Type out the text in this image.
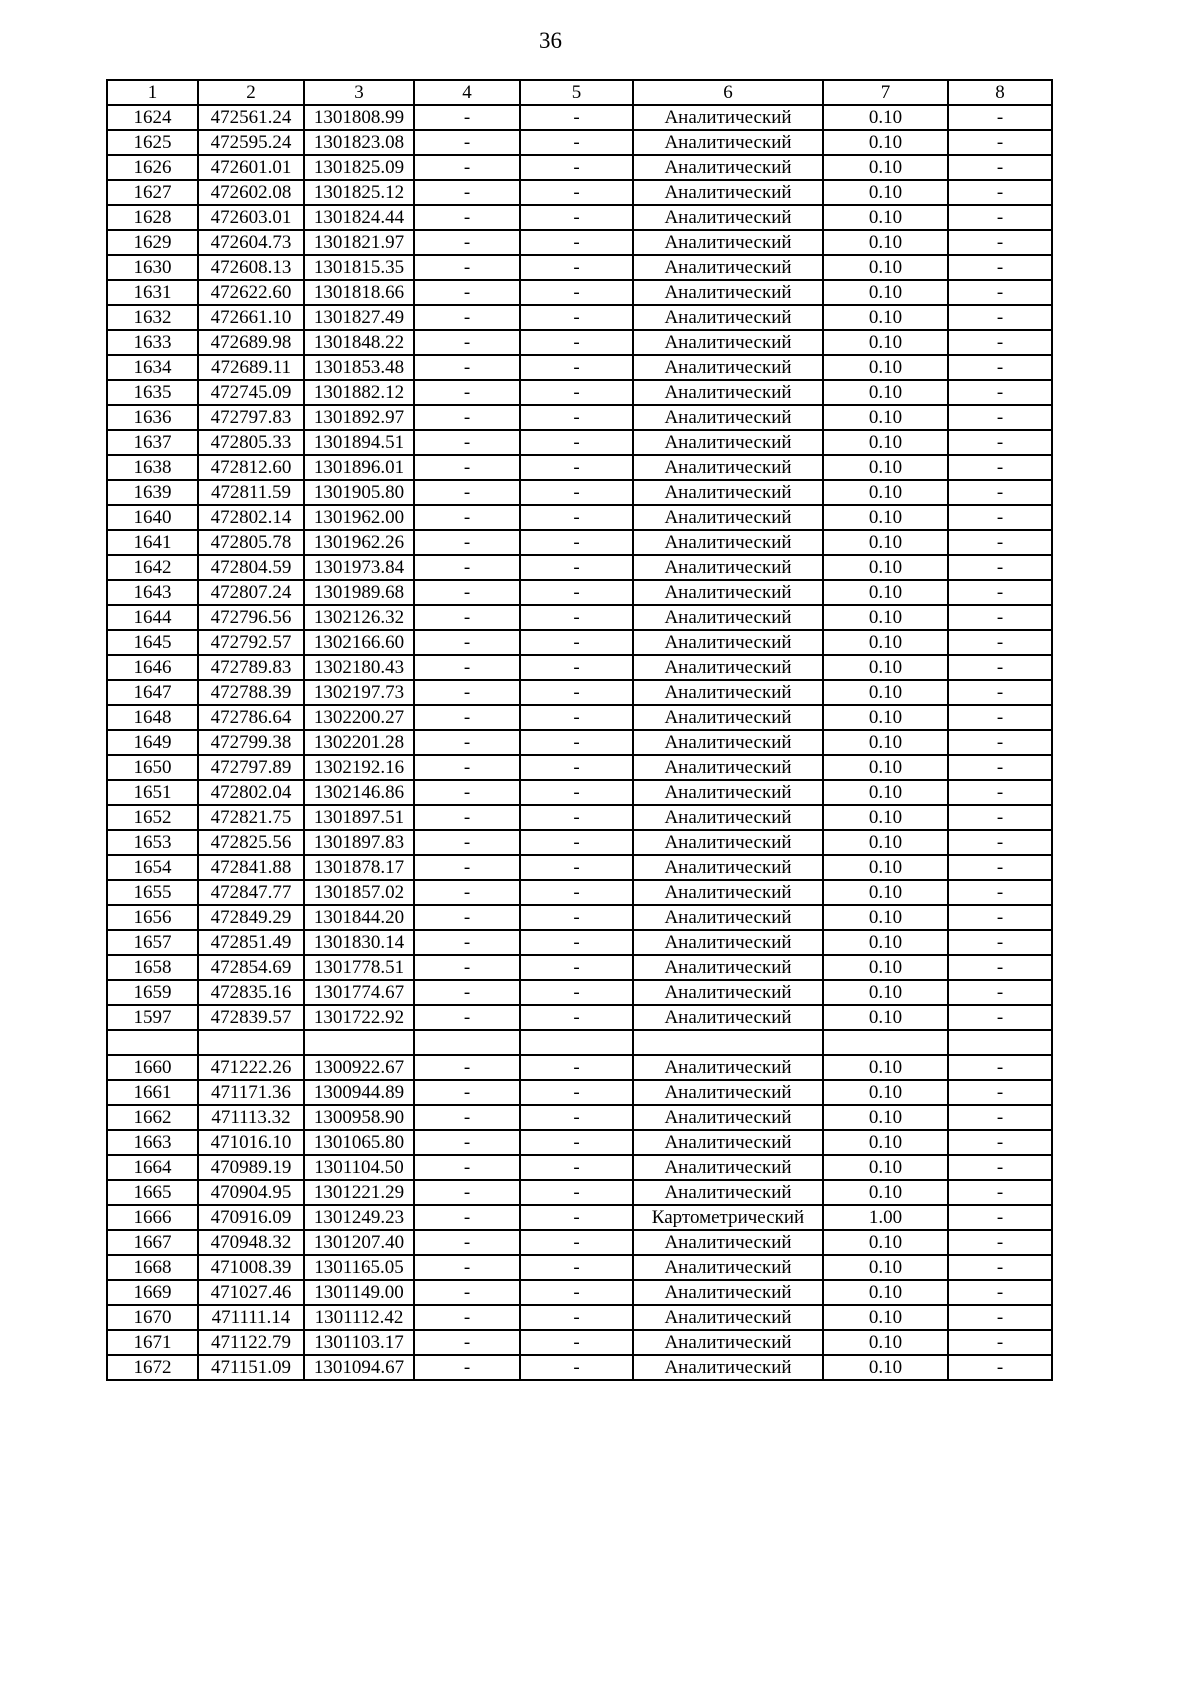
36
1	2	3	4	5	6	7	8
1624	472561.24	1301808.99	-	-	Аналитический	0.10	-
1625	472595.24	1301823.08	-	-	Аналитический	0.10	-
1626	472601.01	1301825.09	-	-	Аналитический	0.10	-
1627	472602.08	1301825.12	-	-	Аналитический	0.10	-
1628	472603.01	1301824.44	-	-	Аналитический	0.10	-
1629	472604.73	1301821.97	-	-	Аналитический	0.10	-
1630	472608.13	1301815.35	-	-	Аналитический	0.10	-
1631	472622.60	1301818.66	-	-	Аналитический	0.10	-
1632	472661.10	1301827.49	-	-	Аналитический	0.10	-
1633	472689.98	1301848.22	-	-	Аналитический	0.10	-
1634	472689.11	1301853.48	-	-	Аналитический	0.10	-
1635	472745.09	1301882.12	-	-	Аналитический	0.10	-
1636	472797.83	1301892.97	-	-	Аналитический	0.10	-
1637	472805.33	1301894.51	-	-	Аналитический	0.10	-
1638	472812.60	1301896.01	-	-	Аналитический	0.10	-
1639	472811.59	1301905.80	-	-	Аналитический	0.10	-
1640	472802.14	1301962.00	-	-	Аналитический	0.10	-
1641	472805.78	1301962.26	-	-	Аналитический	0.10	-
1642	472804.59	1301973.84	-	-	Аналитический	0.10	-
1643	472807.24	1301989.68	-	-	Аналитический	0.10	-
1644	472796.56	1302126.32	-	-	Аналитический	0.10	-
1645	472792.57	1302166.60	-	-	Аналитический	0.10	-
1646	472789.83	1302180.43	-	-	Аналитический	0.10	-
1647	472788.39	1302197.73	-	-	Аналитический	0.10	-
1648	472786.64	1302200.27	-	-	Аналитический	0.10	-
1649	472799.38	1302201.28	-	-	Аналитический	0.10	-
1650	472797.89	1302192.16	-	-	Аналитический	0.10	-
1651	472802.04	1302146.86	-	-	Аналитический	0.10	-
1652	472821.75	1301897.51	-	-	Аналитический	0.10	-
1653	472825.56	1301897.83	-	-	Аналитический	0.10	-
1654	472841.88	1301878.17	-	-	Аналитический	0.10	-
1655	472847.77	1301857.02	-	-	Аналитический	0.10	-
1656	472849.29	1301844.20	-	-	Аналитический	0.10	-
1657	472851.49	1301830.14	-	-	Аналитический	0.10	-
1658	472854.69	1301778.51	-	-	Аналитический	0.10	-
1659	472835.16	1301774.67	-	-	Аналитический	0.10	-
1597	472839.57	1301722.92	-	-	Аналитический	0.10	-

1660	471222.26	1300922.67	-	-	Аналитический	0.10	-
1661	471171.36	1300944.89	-	-	Аналитический	0.10	-
1662	471113.32	1300958.90	-	-	Аналитический	0.10	-
1663	471016.10	1301065.80	-	-	Аналитический	0.10	-
1664	470989.19	1301104.50	-	-	Аналитический	0.10	-
1665	470904.95	1301221.29	-	-	Аналитический	0.10	-
1666	470916.09	1301249.23	-	-	Картометрический	1.00	-
1667	470948.32	1301207.40	-	-	Аналитический	0.10	-
1668	471008.39	1301165.05	-	-	Аналитический	0.10	-
1669	471027.46	1301149.00	-	-	Аналитический	0.10	-
1670	471111.14	1301112.42	-	-	Аналитический	0.10	-
1671	471122.79	1301103.17	-	-	Аналитический	0.10	-
1672	471151.09	1301094.67	-	-	Аналитический	0.10	-
